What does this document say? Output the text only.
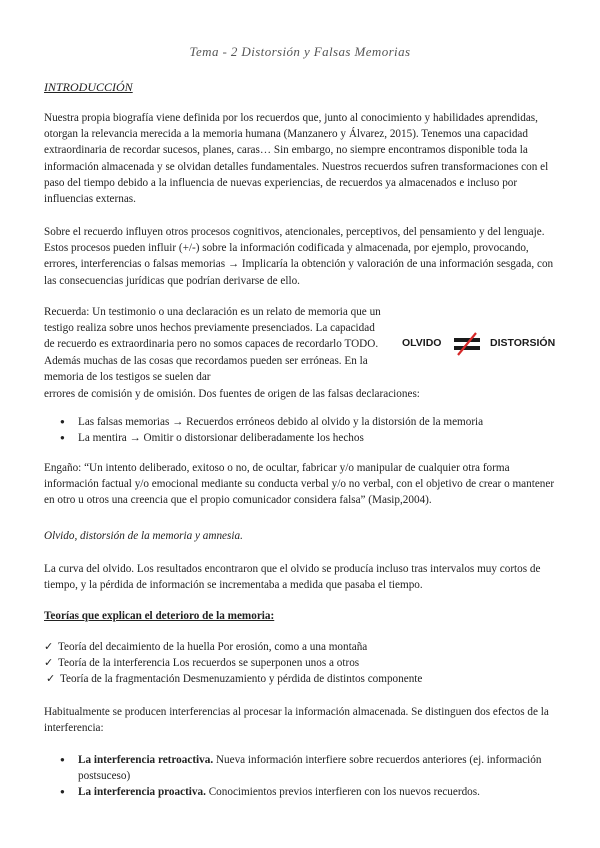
Tema - 2 Distorsión y Falsas Memorias
INTRODUCCIÓN

Nuestra propia biografía viene definida por los recuerdos que, junto al conocimiento y habilidades aprendidas, otorgan la relevancia merecida a la memoria humana (Manzanero y Álvarez, 2015). Tenemos una capacidad extraordinaria de recordar sucesos, planes, caras… Sin embargo, no siempre encontramos disponible toda la información almacenada y se olvidan detalles fundamentales. Nuestros recuerdos sufren transformaciones con el paso del tiempo debido a la influencia de nuevas experiencias, de recuerdos ya almacenados e incluso por influencias externas.

Sobre el recuerdo influyen otros procesos cognitivos, atencionales, perceptivos, del pensamiento y del lenguaje. Estos procesos pueden influir (+/-) sobre la información codificada y almacenada, por ejemplo, provocando, errores, interferencias o falsas memorias → Implicaría la obtención y valoración de una información sesgada, con las consecuencias jurídicas que podrían derivarse de ello.

Recuerda: Un testimonio o una declaración es un relato de memoria que un testigo realiza sobre unos hechos previamente presenciados. La capacidad de recuerdo es extraordinaria pero no somos capaces de recordarlo TODO. Además muchas de las cosas que recordamos pueden ser erróneas. En la memoria de los testigos se suelen dar

errores de comisión y de omisión. Dos fuentes de origen de las falsas declaraciones:

OLVIDO	DISTORSIÓN
● Las falsas memorias → Recuerdos erróneos debido al olvido y la distorsión de la memoria
● La mentira → Omitir o distorsionar deliberadamente los hechos

Engaño: “Un intento deliberado, exitoso o no, de ocultar, fabricar y/o manipular de cualquier otra forma información factual y/o emocional mediante su conducta verbal y/o no verbal, con el objetivo de crear o mantener en otro u otros una creencia que el propio comunicador considera falsa” (Masip,2004).

Olvido, distorsión de la memoria y amnesia.

La curva del olvido. Los resultados encontraron que el olvido se producía incluso tras intervalos muy cortos de tiempo, y la pérdida de información se incrementaba a medida que pasaba el tiempo.

Teorías que explican el deterioro de la memoria:

✓ Teoría del decaimiento de la huella Por erosión, como a una montaña
✓ Teoría de la interferencia Los recuerdos se superponen unos a otros
✓ Teoría de la fragmentación Desmenuzamiento y pérdida de distintos componente

Habitualmente se producen interferencias al procesar la información almacenada. Se distinguen dos efectos de la interferencia:

● La interferencia retroactiva. Nueva información interfiere sobre recuerdos anteriores (ej. información postsuceso)
● La interferencia proactiva. Conocimientos previos interfieren con los nuevos recuerdos.
